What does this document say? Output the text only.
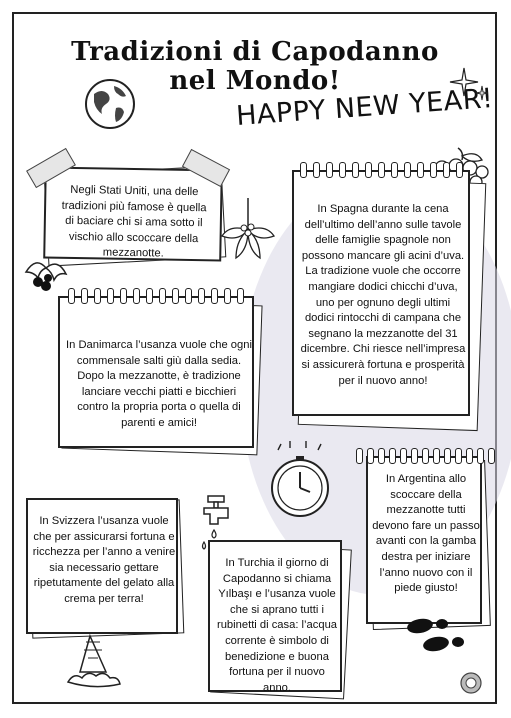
Tradizioni di Capodanno
nel Mondo!
HAPPY NEW YEAR!
Negli Stati Uniti, una delle tradizioni più famose è quella di baciare chi si ama sotto il vischio allo scoccare della mezzanotte.
In Spagna durante la cena dell’ultimo dell’anno sulle tavole delle famiglie spagnole non possono mancare gli acini d’uva. La tradizione vuole che occorre mangiare dodici chicchi d’uva, uno per ognuno degli ultimi dodici rintocchi di campana che segnano la mezzanotte del 31 dicembre. Chi riesce nell’impresa si assicurerà fortuna e prosperità per il nuovo anno!
In Danimarca l’usanza vuole che ogni commensale salti giù dalla sedia. Dopo la mezzanotte, è tradizione lanciare vecchi piatti e bicchieri contro la propria porta o quella di parenti e amici!
In Argentina allo scoccare della mezzanotte tutti devono fare un passo avanti con la gamba destra per iniziare l’anno nuovo con il piede giusto!
In Svizzera l’usanza vuole che per assicurarsi fortuna e ricchezza per l’anno a venire sia necessario gettare ripetutamente del gelato alla crema per terra!
In Turchia il giorno di Capodanno si chiama Yılbaşı e l’usanza vuole che si aprano tutti i rubinetti di casa: l’acqua corrente è simbolo di benedizione e buona fortuna per il nuovo anno.
